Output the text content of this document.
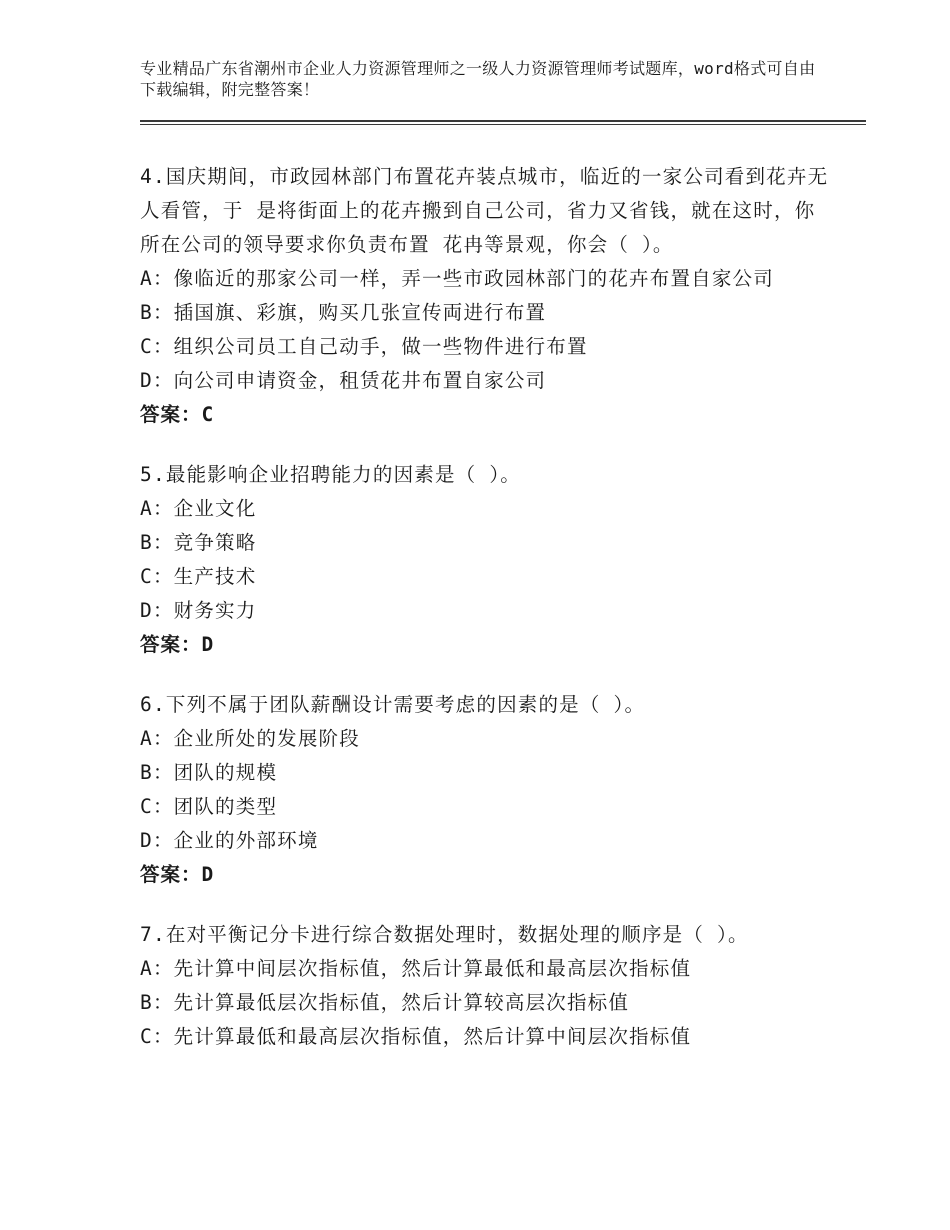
专业精品广东省潮州市企业人力资源管理师之一级人力资源管理师考试题库，word格式可自由下载编辑，附完整答案！
4.国庆期间，市政园林部门布置花卉装点城市，临近的一家公司看到花卉无人看管，于 是将街面上的花卉搬到自己公司，省力又省钱，就在这时，你所在公司的领导要求你负责布置 花冉等景观，你会（ ）。
A：像临近的那家公司一样，弄一些市政园林部门的花卉布置自家公司
B：插国旗、彩旗，购买几张宣传両进行布置
C：组织公司员工自己动手，做一些物件进行布置
D：向公司申请资金，租赁花井布置自家公司
答案：C
5.最能影响企业招聘能力的因素是（ ）。
A：企业文化
B：竞争策略
C：生产技术
D：财务实力
答案：D
6.下列不属于团队薪酬设计需要考虑的因素的是（ ）。
A：企业所处的发展阶段
B：团队的规模
C：团队的类型
D：企业的外部环境
答案：D
7.在对平衡记分卡进行综合数据处理时，数据处理的顺序是（ ）。
A：先计算中间层次指标值，然后计算最低和最高层次指标值
B：先计算最低层次指标值，然后计算较高层次指标值
C：先计算最低和最高层次指标值，然后计算中间层次指标值
